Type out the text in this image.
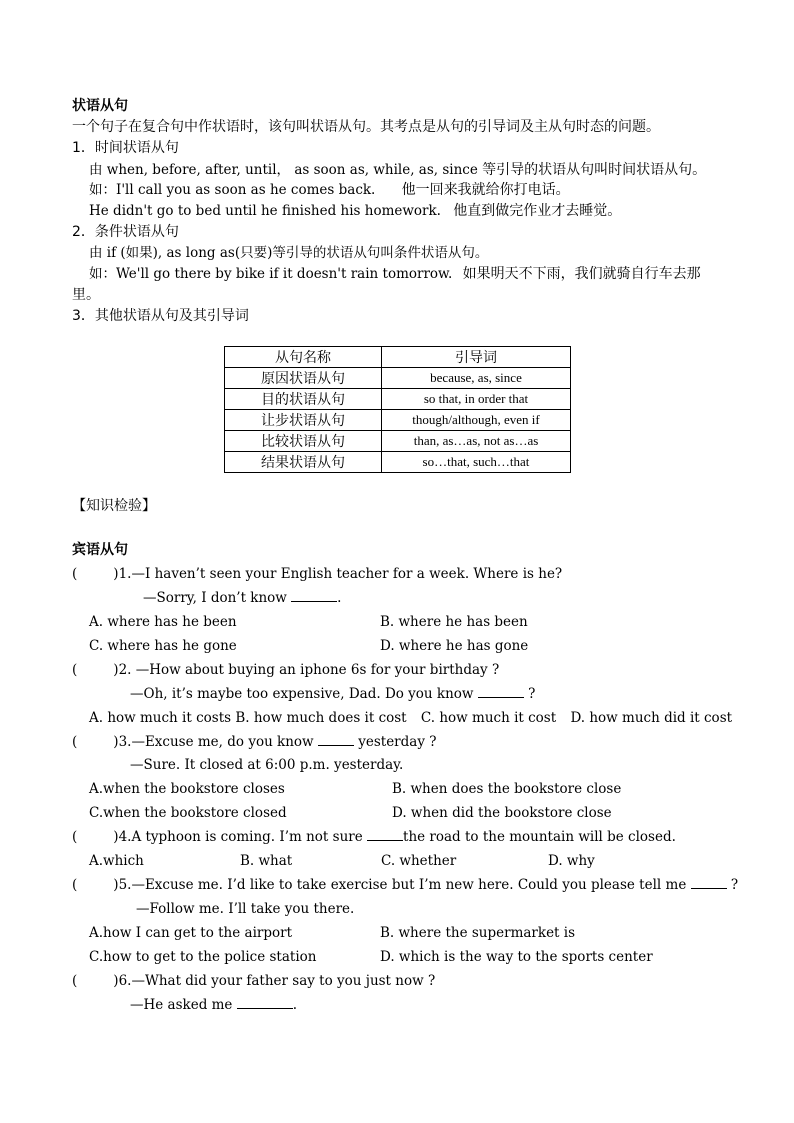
状语从句
一个句子在复合句中作状语时，该句叫状语从句。其考点是从句的引导词及主从句时态的问题。
1．时间状语从句
由 when, before, after, until， as soon as, while, as, since 等引导的状语从句叫时间状语从句。
如：I'll call you as soon as he comes back. 他一回来我就给你打电话。
He didn't go to bed until he finished his homework. 他直到做完作业才去睡觉。
2．条件状语从句
由 if (如果), as long as(只要)等引导的状语从句叫条件状语从句。
如：We'll go there by bike if it doesn't rain tomorrow. 如果明天不下雨，我们就骑自行车去那
里。
3．其他状语从句及其引导词
从句名称	引导词
原因状语从句	because, as, since
目的状语从句	so that, in order that
让步状语从句	though/although, even if
比较状语从句	than, as…as, not as…as
结果状语从句	so…that, such…that
【知识检验】
宾语从句
(	)1.—I haven’t seen your English teacher for a week. Where is he?
—Sorry, I don’t know	.
A. where has he been	B. where he has been
C. where has he gone	D. where he has gone
(	)2. —How about buying an iphone 6s for your birthday ?
—Oh, it’s maybe too expensive, Dad. Do you know	?
A. how much it costs B. how much does it cost C. how much it cost D. how much did it cost
(	)3.—Excuse me, do you know	yesterday ?
—Sure. It closed at 6:00 p.m. yesterday.
A.when the bookstore closes	B. when does the bookstore close
C.when the bookstore closed	D. when did the bookstore close
(	)4.A typhoon is coming. I’m not sure	the road to the mountain will be closed.
A.which	B. what	C. whether	D. why
(	)5.—Excuse me. I’d like to take exercise but I’m new here. Could you please tell me	?
—Follow me. I’ll take you there.
A.how I can get to the airport	B. where the supermarket is
C.how to get to the police station	D. which is the way to the sports center
(	)6.—What did your father say to you just now ?
—He asked me	.
